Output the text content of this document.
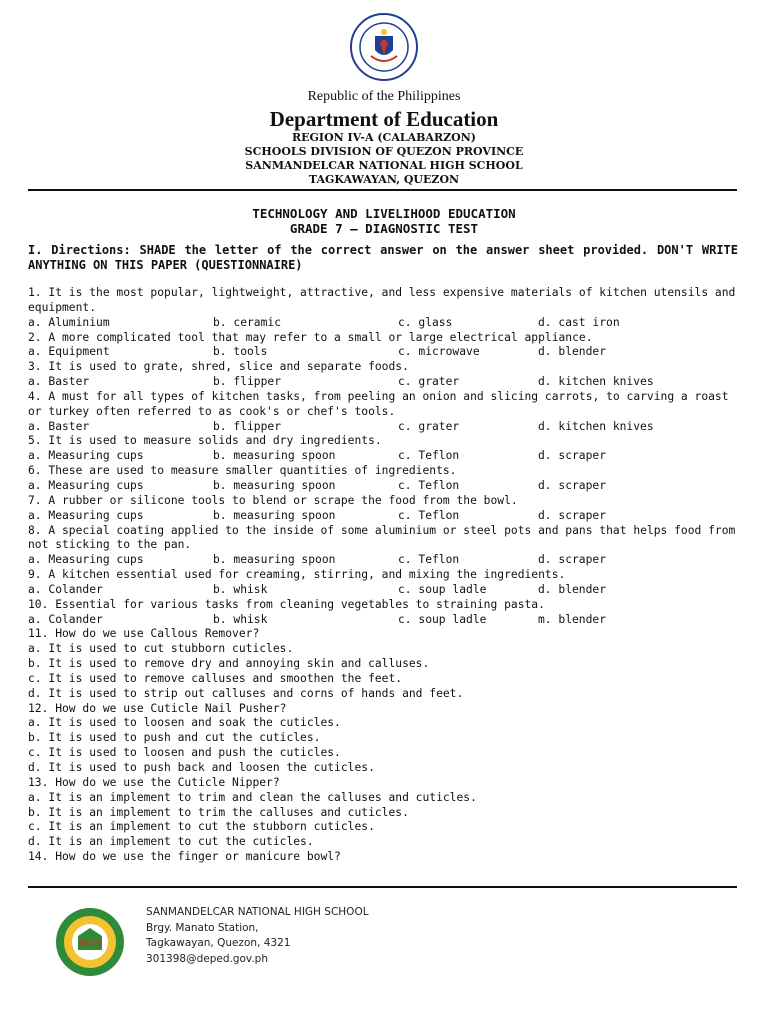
Republic of the Philippines
Department of Education
REGION IV-A (CALABARZON)
SCHOOLS DIVISION OF QUEZON PROVINCE
SANMANDELCAR NATIONAL HIGH SCHOOL
TAGKAWAYAN, QUEZON
TECHNOLOGY AND LIVELIHOOD EDUCATION
GRADE 7 – DIAGNOSTIC TEST
I. Directions: SHADE the letter of the correct answer on the answer sheet provided. DON'T WRITE ANYTHING ON THIS PAPER (QUESTIONNAIRE)
1. It is the most popular, lightweight, attractive, and less expensive materials of kitchen utensils and equipment.
a. Aluminium	b. ceramic	c. glass	d. cast iron
2. A more complicated tool that may refer to a small or large electrical appliance.
a. Equipment	b. tools	c. microwave	d. blender
3. It is used to grate, shred, slice and separate foods.
a. Baster	b. flipper	c. grater	d. kitchen knives
4. A must for all types of kitchen tasks, from peeling an onion and slicing carrots, to carving a roast or turkey often referred to as cook's or chef's tools.
a. Baster	b. flipper	c. grater	d. kitchen knives
5. It is used to measure solids and dry ingredients.
a. Measuring cups	b. measuring spoon	c. Teflon	d. scraper
6. These are used to measure smaller quantities of ingredients.
a. Measuring cups	b. measuring spoon	c. Teflon	d. scraper
7. A rubber or silicone tools to blend or scrape the food from the bowl.
a. Measuring cups	b. measuring spoon	c. Teflon	d. scraper
8. A special coating applied to the inside of some aluminium or steel pots and pans that helps food from not sticking to the pan.
a. Measuring cups	b. measuring spoon	c. Teflon	d. scraper
9. A kitchen essential used for creaming, stirring, and mixing the ingredients.
a. Colander	b. whisk	c. soup ladle	d. blender
10. Essential for various tasks from cleaning vegetables to straining pasta.
a. Colander	b. whisk	c. soup ladle	m. blender
11. How do we use Callous Remover?
a. It is used to cut stubborn cuticles.
b. It is used to remove dry and annoying skin and calluses.
c. It is used to remove calluses and smoothen the feet.
d. It is used to strip out calluses and corns of hands and feet.
12. How do we use Cuticle Nail Pusher?
a. It is used to loosen and soak the cuticles.
b. It is used to push and cut the cuticles.
c. It is used to loosen and push the cuticles.
d. It is used to push back and loosen the cuticles.
13. How do we use the Cuticle Nipper?
a. It is an implement to trim and clean the calluses and cuticles.
b. It is an implement to trim the calluses and cuticles.
c. It is an implement to cut the stubborn cuticles.
d. It is an implement to cut the cuticles.
14. How do we use the finger or manicure bowl?
DLCS
SANMANDELCAR NATIONAL HIGH SCHOOL
Brgy. Manato Station,
Tagkawayan, Quezon, 4321
301398@deped.gov.ph
